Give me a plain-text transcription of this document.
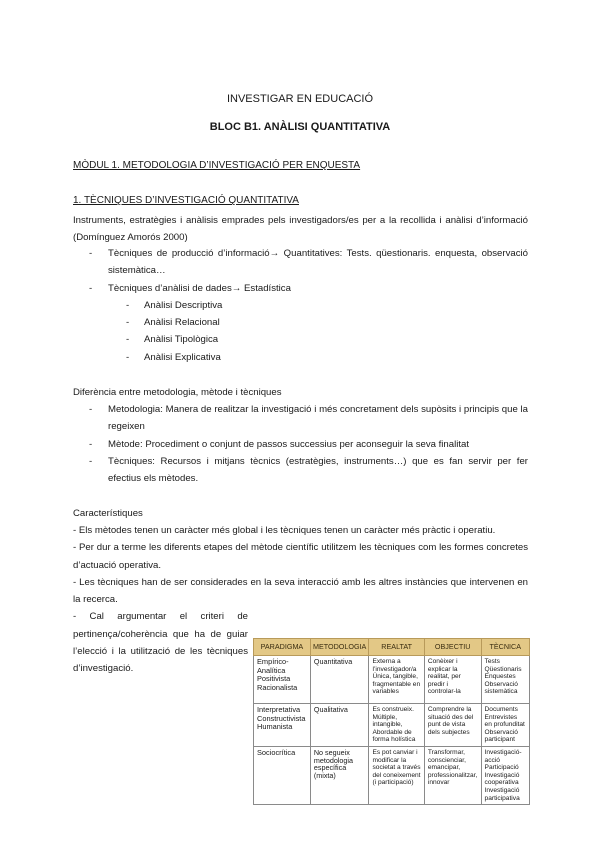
INVESTIGAR EN EDUCACIÓ
BLOC B1. ANÀLISI QUANTITATIVA
MÒDUL 1. METODOLOGIA D’INVESTIGACIÓ PER ENQUESTA
1. TÈCNIQUES D’INVESTIGACIÓ QUANTITATIVA
Instruments, estratègies i anàlisis emprades pels investigadors/es per a la recollida i anàlisi d’informació (Domínguez Amorós 2000)
- Tècniques de producció d’informació→ Quantitatives: Tests. qüestionaris. enquesta, observació sistemàtica…
- Tècniques d’anàlisi de dades→ Estadística
- Anàlisi Descriptiva
- Anàlisi Relacional
- Anàlisi Tipològica
- Anàlisi Explicativa
Diferència entre metodologia, mètode i tècniques
- Metodologia: Manera de realitzar la investigació i més concretament dels supòsits i principis que la regeixen
- Mètode: Procediment o conjunt de passos successius per aconseguir la seva finalitat
- Tècniques: Recursos i mitjans tècnics (estratègies, instruments…) que es fan servir per fer efectius els mètodes.
Característiques
- Els mètodes tenen un caràcter més global i les tècniques tenen un caràcter més pràctic i operatiu.
- Per dur a terme les diferents etapes del mètode científic utilitzem les tècniques com les formes concretes d’actuació operativa.
- Les tècniques han de ser considerades en la seva interacció amb les altres instàncies que intervenen en la recerca.
- Cal argumentar el criteri de pertinença/coherència que ha de guiar l’elecció i la utilització de les tècniques d’investigació.
PARADIGMA	METODOLOGIA	REALTAT	OBJECTIU	TÈCNICA
Empírico-Analítica Positivista Racionalista	Quantitativa	Externa a l’investigador/a Única, tangible, fragmentable en variables	Conèixer i explicar la realitat, per predir i controlar-la	Tests Qüestionaris Enquestes Observació sistemàtica
Interpretativa Constructivista Humanista	Qualitativa	Es construeix. Múltiple, intangible, Abordable de forma holística	Comprendre la situació des del punt de vista dels subjectes	Documents Entrevistes en profunditat Observació participant
Sociocrítica	No segueix metodologia específica (mixta)	Es pot canviar i modificar la societat a través del coneixement (i participació)	Transformar, conscienciar, emancipar, professionalitzar, innovar	Investigació-acció Participació Investigació cooperativa Investigació participativa
